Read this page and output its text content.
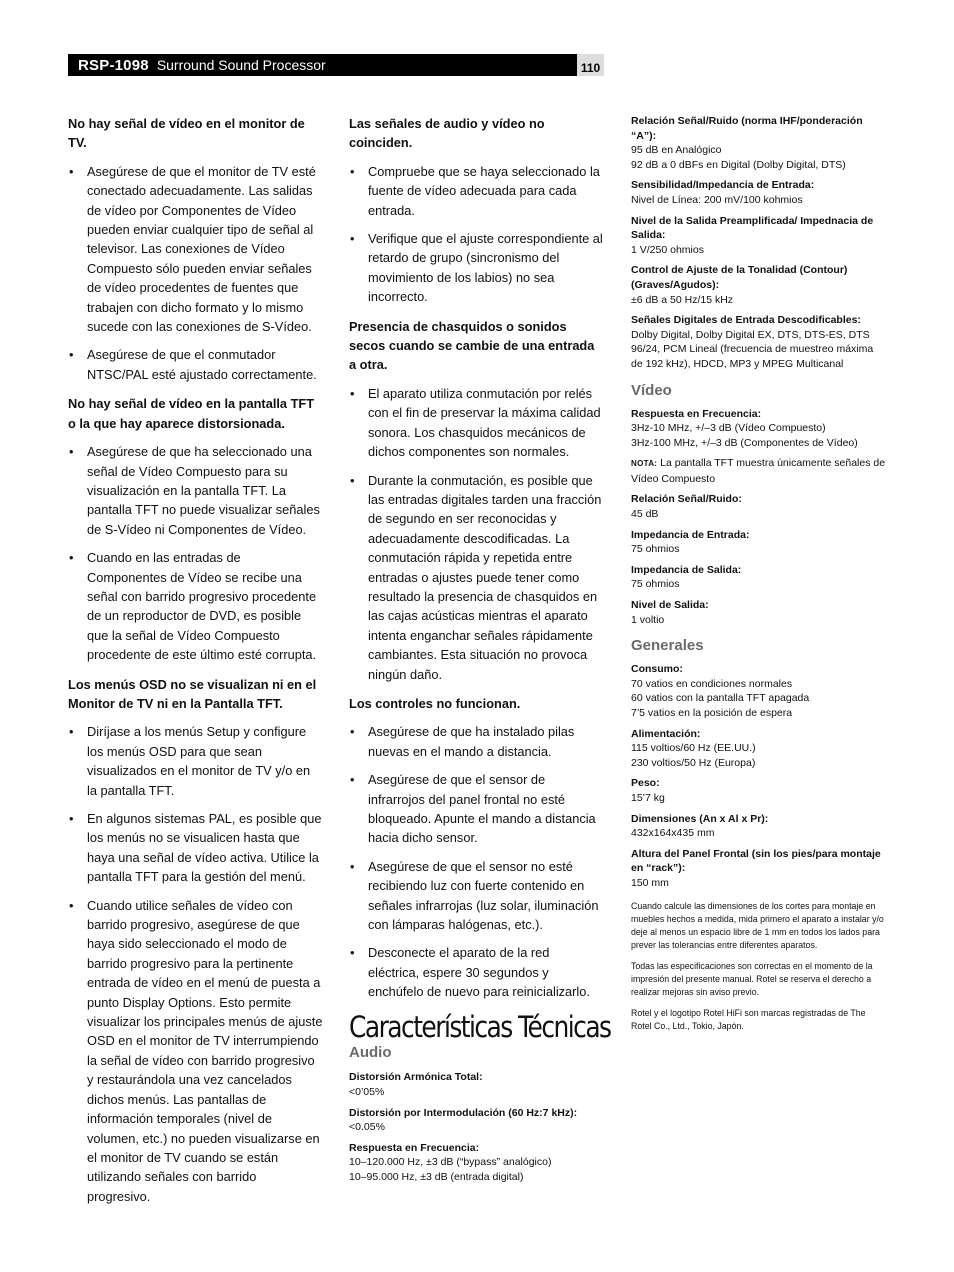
RSP-1098 Surround Sound Processor	110

No hay señal de vídeo en el monitor de TV.

• Asegúrese de que el monitor de TV esté conectado adecuadamente. Las salidas de vídeo por Componentes de Vídeo pueden enviar cualquier tipo de señal al televisor. Las conexiones de Vídeo Compuesto sólo pueden enviar señales de vídeo procedentes de fuentes que trabajen con dicho formato y lo mismo sucede con las conexiones de S-Vídeo.
• Asegúrese de que el conmutador NTSC/PAL esté ajustado correctamente.

No hay señal de vídeo en la pantalla TFT o la que hay aparece distorsionada.

• Asegúrese de que ha seleccionado una señal de Vídeo Compuesto para su visualización en la pantalla TFT. La pantalla TFT no puede visualizar señales de S-Vídeo ni Componentes de Vídeo.
• Cuando en las entradas de Componentes de Vídeo se recibe una señal con barrido progresivo procedente de un reproductor de DVD, es posible que la señal de Vídeo Compuesto procedente de este último esté corrupta.

Los menús OSD no se visualizan ni en el Monitor de TV ni en la Pantalla TFT.

• Diríjase a los menús Setup y configure los menús OSD para que sean visualizados en el monitor de TV y/o en la pantalla TFT.
• En algunos sistemas PAL, es posible que los menús no se visualicen hasta que haya una señal de vídeo activa. Utilice la pantalla TFT para la gestión del menú.
• Cuando utilice señales de vídeo con barrido progresivo, asegúrese de que haya sido seleccionado el modo de barrido progresivo para la pertinente entrada de vídeo en el menú de puesta a punto Display Options. Esto permite visualizar los principales menús de ajuste OSD en el monitor de TV interrumpiendo la señal de vídeo con barrido progresivo y restaurándola una vez cancelados dichos menús. Las pantallas de información temporales (nivel de volumen, etc.) no pueden visualizarse en el monitor de TV cuando se están utilizando señales con barrido progresivo.

Las señales de audio y vídeo no coinciden.

• Compruebe que se haya seleccionado la fuente de vídeo adecuada para cada entrada.
• Verifique que el ajuste correspondiente al retardo de grupo (sincronismo del movimiento de los labios) no sea incorrecto.

Presencia de chasquidos o sonidos secos cuando se cambie de una entrada a otra.

• El aparato utiliza conmutación por relés con el fin de preservar la máxima calidad sonora. Los chasquidos mecánicos de dichos componentes son normales.
• Durante la conmutación, es posible que las entradas digitales tarden una fracción de segundo en ser reconocidas y adecuadamente descodificadas. La conmutación rápida y repetida entre entradas o ajustes puede tener como resultado la presencia de chasquidos en las cajas acústicas mientras el aparato intenta enganchar señales rápidamente cambiantes. Esta situación no provoca ningún daño.

Los controles no funcionan.

• Asegúrese de que ha instalado pilas nuevas en el mando a distancia.
• Asegúrese de que el sensor de infrarrojos del panel frontal no esté bloqueado. Apunte el mando a distancia hacia dicho sensor.
• Asegúrese de que el sensor no esté recibiendo luz con fuerte contenido en señales infrarrojas (luz solar, iluminación con lámparas halógenas, etc.).
• Desconecte el aparato de la red eléctrica, espere 30 segundos y enchúfelo de nuevo para reinicializarlo.
Características Técnicas
Audio
Distorsión Armónica Total:
<0’05%
Distorsión por Intermodulación (60 Hz:7 kHz):
<0.05%
Respuesta en Frecuencia:
10–120.000 Hz, ±3 dB (“bypass” analógico)
10–95.000 Hz, ±3 dB (entrada digital)
Relación Señal/Ruido (norma IHF/ponderación “A”):
95 dB en Analógico
92 dB a 0 dBFs en Digital (Dolby Digital, DTS)
Sensibilidad/Impedancia de Entrada:
Nivel de Línea: 200 mV/100 kohmios
Nivel de la Salida Preamplificada/ Impednacia de Salida:
1 V/250 ohmios
Control de Ajuste de la Tonalidad (Contour) (Graves/Agudos):
±6 dB a 50 Hz/15 kHz
Señales Digitales de Entrada Descodificables:
Dolby Digital, Dolby Digital EX, DTS, DTS-ES, DTS 96/24, PCM Lineal (frecuencia de muestreo máxima de 192 kHz), HDCD, MP3 y MPEG Multicanal
Vídeo
Respuesta en Frecuencia:
3Hz-10 MHz, +/–3 dB (Vídeo Compuesto)
3Hz-100 MHz, +/–3 dB (Componentes de Vídeo)
NOTA: La pantalla TFT muestra únicamente señales de Vídeo Compuesto
Relación Señal/Ruido:
45 dB
Impedancia de Entrada:
75 ohmios
Impedancia de Salida:
75 ohmios
Nivel de Salida:
1 voltio
Generales
Consumo:
70 vatios en condiciones normales
60 vatios con la pantalla TFT apagada
7’5 vatios en la posición de espera
Alimentación:
115 voltios/60 Hz (EE.UU.)
230 voltios/50 Hz (Europa)
Peso:
15’7 kg
Dimensiones (An x Al x Pr):
432x164x435 mm
Altura del Panel Frontal (sin los pies/para montaje en “rack”):
150 mm

Cuando calcule las dimensiones de los cortes para montaje en muebles hechos a medida, mida primero el aparato a instalar y/o deje al menos un espacio libre de 1 mm en todos los lados para prever las tolerancias entre diferentes aparatos.

Todas las especificaciones son correctas en el momento de la impresión del presente manual. Rotel se reserva el derecho a realizar mejoras sin aviso previo.

Rotel y el logotipo Rotel HiFi son marcas registradas de The Rotel Co., Ltd., Tokio, Japón.
